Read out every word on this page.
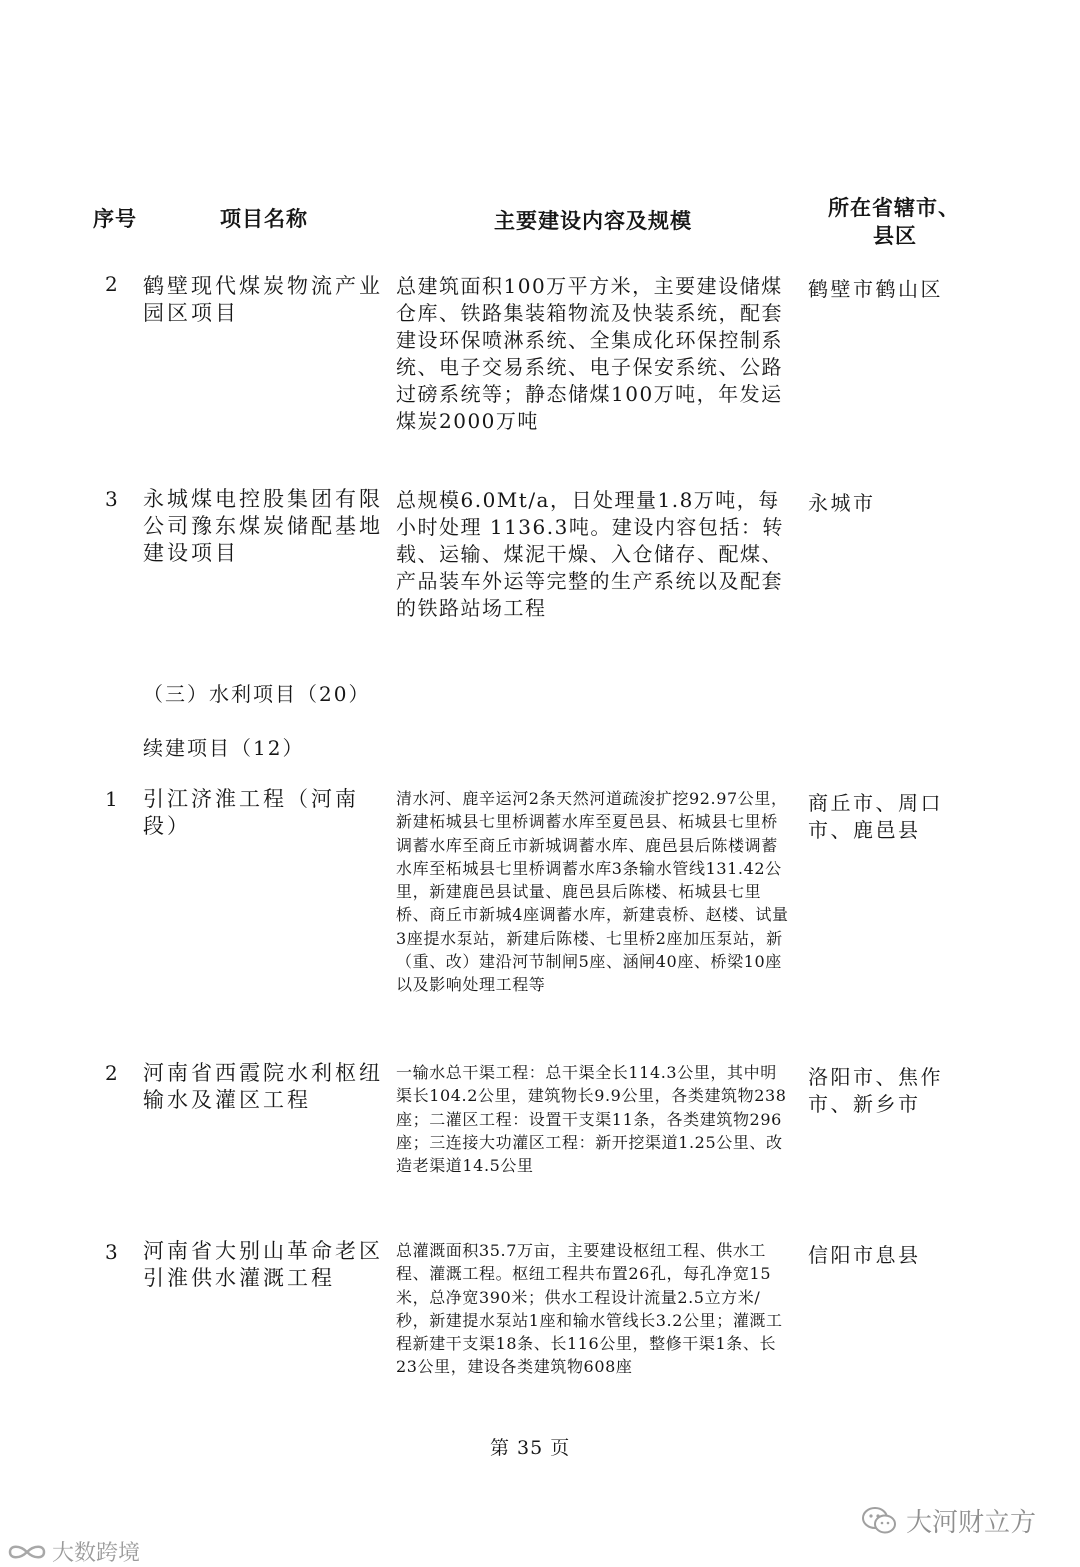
序号	项目名称	主要建设内容及规模
所在省辖市、
县区
2 鹤壁现代煤炭物流产业园区项目
总建筑面积100万平方米，主要建设储煤仓库、铁路集装箱物流及快装系统，配套建设环保喷淋系统、全集成化环保控制系统、电子交易系统、电子保安系统、公路过磅系统等；静态储煤100万吨，年发运煤炭2000万吨
鹤壁市鹤山区
3 永城煤电控股集团有限公司豫东煤炭储配基地建设项目
总规模6.0Mt/a，日处理量1.8万吨，每小时处理 1136.3吨。建设内容包括：转载、运输、煤泥干燥、入仓储存、配煤、产品装车外运等完整的生产系统以及配套的铁路站场工程
永城市
（三）水利项目（20）
续建项目（12）
1 引江济淮工程（河南段）
清水河、鹿辛运河2条天然河道疏浚扩挖92.97公里，新建柘城县七里桥调蓄水库至夏邑县、柘城县七里桥调蓄水库至商丘市新城调蓄水库、鹿邑县后陈楼调蓄水库至柘城县七里桥调蓄水库3条输水管线131.42公里，新建鹿邑县试量、鹿邑县后陈楼、柘城县七里桥、商丘市新城4座调蓄水库，新建袁桥、赵楼、试量3座提水泵站，新建后陈楼、七里桥2座加压泵站，新（重、改）建沿河节制闸5座、涵闸40座、桥梁10座以及影响处理工程等
商丘市、周口市、鹿邑县
2 河南省西霞院水利枢纽输水及灌区工程
一输水总干渠工程：总干渠全长114.3公里，其中明渠长104.2公里，建筑物长9.9公里，各类建筑物238座；二灌区工程：设置干支渠11条，各类建筑物296座；三连接大功灌区工程：新开挖渠道1.25公里、改造老渠道14.5公里
洛阳市、焦作市、新乡市
3 河南省大别山革命老区引淮供水灌溉工程
总灌溉面积35.7万亩，主要建设枢纽工程、供水工程、灌溉工程。枢纽工程共布置26孔，每孔净宽15米，总净宽390米；供水工程设计流量2.5立方米/秒，新建提水泵站1座和输水管线长3.2公里；灌溉工程新建干支渠18条、长116公里，整修干渠1条、长23公里，建设各类建筑物608座
信阳市息县
第 35 页
大数跨境
大河财立方
